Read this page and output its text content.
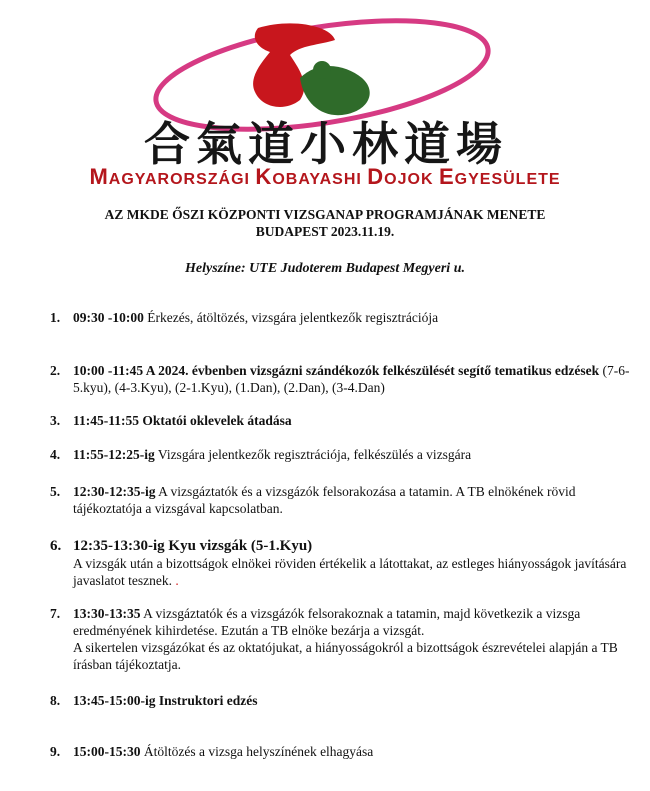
合氣道小林道場
MAGYARORSZÁGI KOBAYASHI DOJOK EGYESÜLETE
AZ MKDE ŐSZI KÖZPONTI VIZSGANAP PROGRAMJÁNAK MENETE
BUDAPEST 2023.11.19.
Helyszíne: UTE Judoterem Budapest Megyeri u.
1. 09:30 -10:00 Érkezés, átöltözés, vizsgára jelentkezők regisztrációja
2. 10:00 -11:45 A 2024. évbenben vizsgázni szándékozók felkészülését segítő tematikus edzések (7-6-5.kyu), (4-3.Kyu), (2-1.Kyu), (1.Dan), (2.Dan), (3-4.Dan)
3. 11:45-11:55 Oktatói oklevelek átadása
4. 11:55-12:25-ig Vizsgára jelentkezők regisztrációja, felkészülés a vizsgára
5. 12:30-12:35-ig A vizsgáztatók és a vizsgázók felsorakozása a tatamin. A TB elnökének rövid tájékoztatója a vizsgával kapcsolatban.
6. 12:35-13:30-ig Kyu vizsgák (5-1.Kyu)
A vizsgák után a bizottságok elnökei röviden értékelik a látottakat, az estleges hiányosságok javítására javaslatot tesznek. .
7. 13:30-13:35 A vizsgáztatók és a vizsgázók felsorakoznak a tatamin, majd következik a vizsga eredményének kihirdetése. Ezután a TB elnöke bezárja a vizsgát.
A sikertelen vizsgázókat és az oktatójukat, a hiányosságokról a bizottságok észrevételei alapján a TB írásban tájékoztatja.
8. 13:45-15:00-ig Instruktori edzés
9. 15:00-15:30 Átöltözés a vizsga helyszínének elhagyása
